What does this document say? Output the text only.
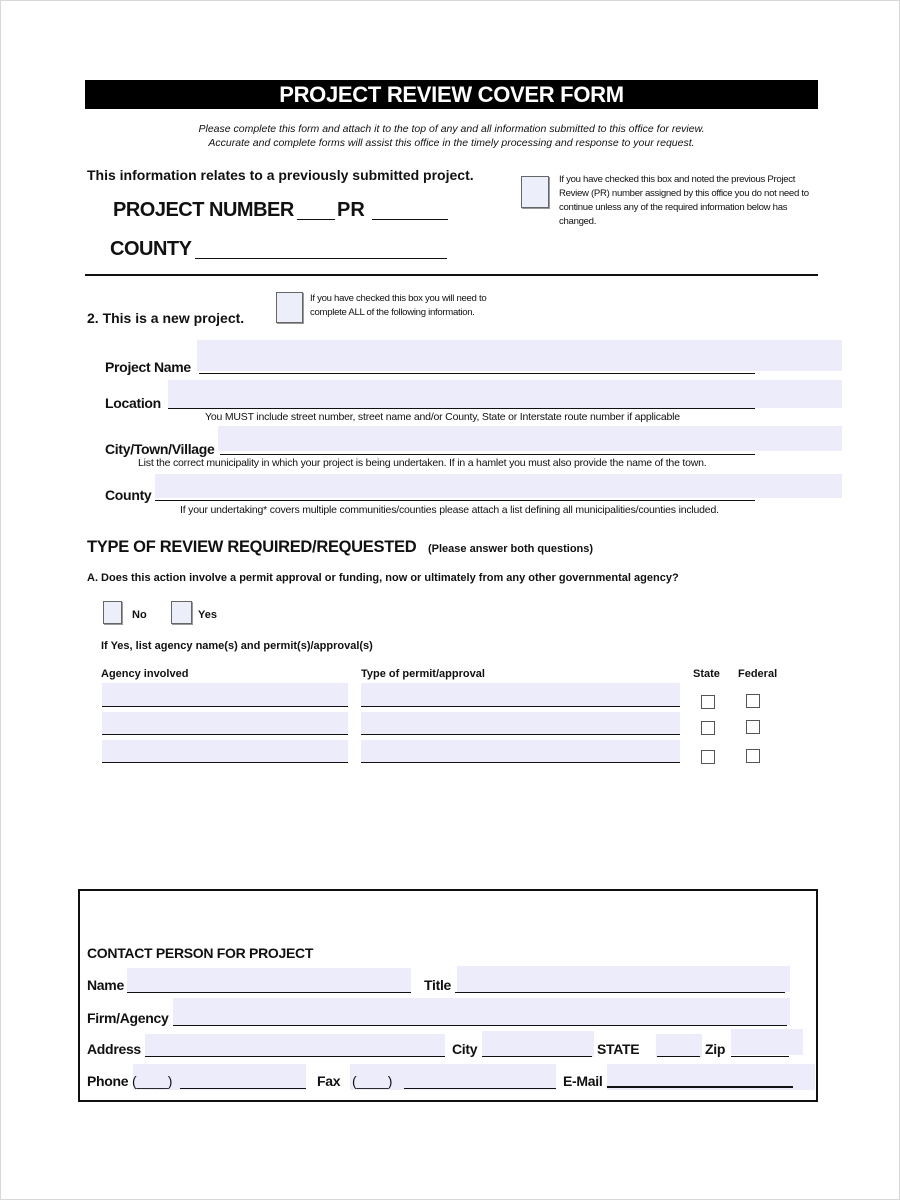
PROJECT REVIEW COVER FORM
Please complete this form and attach it to the top of any and all information submitted to this office for review.
Accurate and complete forms will assist this office in the timely processing and response to your request.
This information relates to a previously submitted project.	If you have checked this box and noted the previous Project Review (PR) number assigned by this office you do not need to continue unless any of the required information below has changed.
PROJECT NUMBER PR
COUNTY
2. This is a new project.
If you have checked this box you will need to complete ALL of the following information.
Project Name
Location
You MUST include street number, street name and/or County, State or Interstate route number if applicable
City/Town/Village
List the correct municipality in which your project is being undertaken. If in a hamlet you must also provide the name of the town.
County
If your undertaking* covers multiple communities/counties please attach a list defining all municipalities/counties included.
TYPE OF REVIEW REQUIRED/REQUESTED (Please answer both questions)
A. Does this action involve a permit approval or funding, now or ultimately from any other governmental agency?
No	Yes
If Yes, list agency name(s) and permit(s)/approval(s)
Agency involved	Type of permit/approval	State Federal
CONTACT PERSON FOR PROJECT
Name	Title
Firm/Agency
Address	City	STATE	Zip
Phone (____)	Fax (____)	E-Mail
